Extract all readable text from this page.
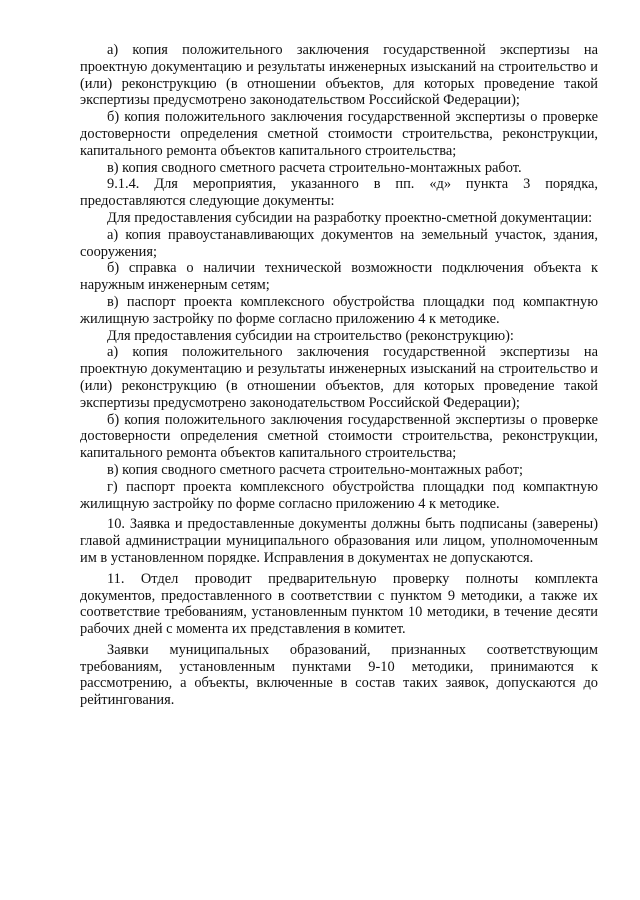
а) копия положительного заключения государственной экспертизы на проектную документацию и результаты инженерных изысканий на строительство и (или) реконструкцию (в отношении объектов, для которых проведение такой экспертизы предусмотрено законодательством Российской Федерации);

б) копия положительного заключения государственной экспертизы о проверке достоверности определения сметной стоимости строительства, реконструкции, капитального ремонта объектов капитального строительства;

в) копия сводного сметного расчета строительно-монтажных работ.

9.1.4. Для мероприятия, указанного в пп. «д» пункта 3 порядка, предоставляются следующие документы:

Для предоставления субсидии на разработку проектно-сметной документации:

а) копия правоустанавливающих документов на земельный участок, здания, сооружения;

б) справка о наличии технической возможности подключения объекта к наружным инженерным сетям;

в) паспорт проекта комплексного обустройства площадки под компактную жилищную застройку по форме согласно приложению 4 к методике.

Для предоставления субсидии на строительство (реконструкцию):

а) копия положительного заключения государственной экспертизы на проектную документацию и результаты инженерных изысканий на строительство и (или) реконструкцию (в отношении объектов, для которых проведение такой экспертизы предусмотрено законодательством Российской Федерации);

б) копия положительного заключения государственной экспертизы о проверке достоверности определения сметной стоимости строительства, реконструкции, капитального ремонта объектов капитального строительства;

в) копия сводного сметного расчета строительно-монтажных работ;

г) паспорт проекта комплексного обустройства площадки под компактную жилищную застройку по форме согласно приложению 4 к методике.

10. Заявка и предоставленные документы должны быть подписаны (заверены) главой администрации муниципального образования или лицом, уполномоченным им в установленном порядке. Исправления в документах не допускаются.

11. Отдел проводит предварительную проверку полноты комплекта документов, предоставленного в соответствии с пунктом 9 методики, а также их соответствие требованиям, установленным пунктом 10 методики, в течение десяти рабочих дней с момента их представления в комитет.

Заявки муниципальных образований, признанных соответствующим требованиям, установленным пунктами 9-10 методики, принимаются к рассмотрению, а объекты, включенные в состав таких заявок, допускаются до рейтингования.
